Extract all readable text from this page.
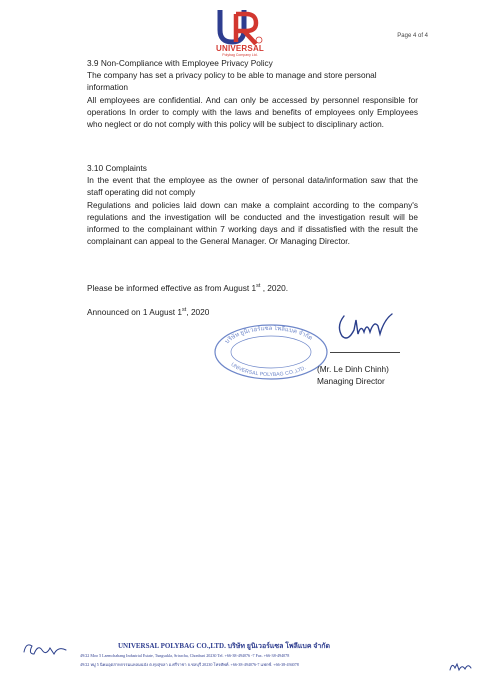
UNIVERSAL
Polybag Company Ltd.
Page 4 of 4

3.9 Non-Compliance with Employee Privacy Policy

The company has set a privacy policy to be able to manage and store personal information

All employees are confidential. And can only be accessed by personnel responsible for operations In order to comply with the laws and benefits of employees only Employees who neglect or do not comply with this policy will be subject to disciplinary action.

3.10 Complaints

In the event that the employee as the owner of personal data/information saw that the staff operating did not comply

Regulations and policies laid down can make a complaint according to the company's regulations and the investigation will be conducted and the investigation result will be informed to the complainant within 7 working days and if dissatisfied with the result the complainant can appeal to the General Manager. Or Managing Director.

Please be informed effective as from August 1st , 2020.
Announced on 1 August 1st, 2020
บริษัท ยูนิเวอร์แซล โพลีแบค จำกัด
UNIVERSAL POLYBAG CO.,LTD. (Mr. Le Dinh Chinh)
Managing Director
UNIVERSAL POLYBAG CO.,LTD. บริษัท ยูนิเวอร์แซล โพลีแบค จำกัด
49/22 Moo 5 Laemchabang Industrial Estate, Tungsukla, Sriracha, Chonburi 20230 Tel. +66-38-494076 -7 Fax. +66-38-494078
49/22 หมู่ 5 นิคมอุตสาหกรรมแหลมฉบัง ต.ทุ่งสุขลา อ.ศรีราชา จ.ชลบุรี 20230 โทรศัพท์. +66-38-494076-7 แฟกซ์. +66-38-494078
